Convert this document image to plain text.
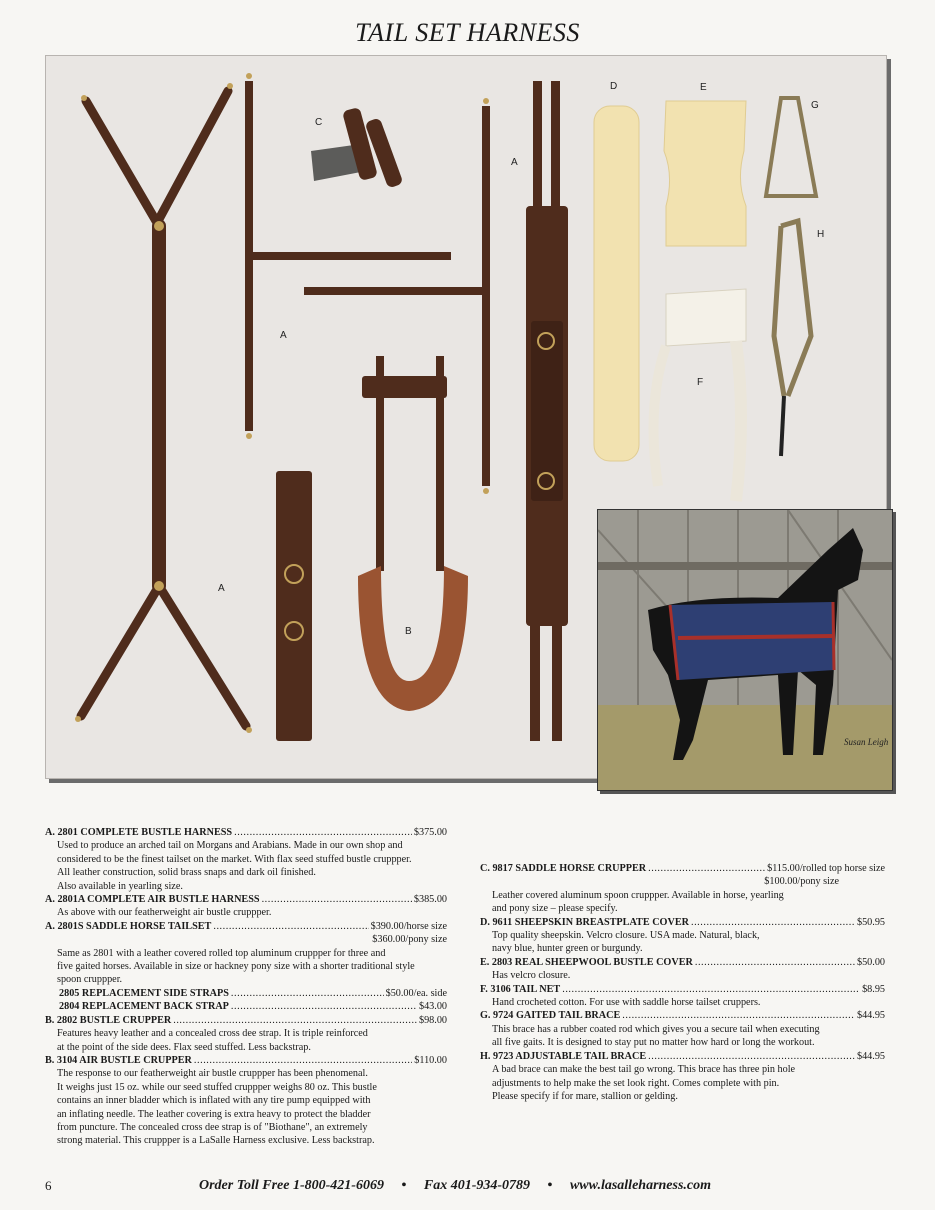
TAIL SET HARNESS
C
A
A
A
B
D	E
G
H
F
Susan Leigh
A. 2801 COMPLETE BUSTLE HARNESS . . .	$375.00
Used to produce an arched tail on Morgans and Arabians. Made in our own shop and
considered to be the finest tailset on the market. With flax seed stuffed bustle cruppper.
All leather construction, solid brass snaps and dark oil finished.
Also available in yearling size.
A. 2801A COMPLETE AIR BUSTLE HARNESS . . .	$385.00
As above with our featherweight air bustle cruppper.
A. 2801S SADDLE HORSE TAILSET . . .	$390.00/horse size
$360.00/pony size
Same as 2801 with a leather covered rolled top aluminum cruppper for three and
five gaited horses. Available in size or hackney pony size with a shorter traditional style
spoon cruppper.
2805 REPLACEMENT SIDE STRAPS . . .	$50.00/ea. side
2804 REPLACEMENT BACK STRAP . . .	$43.00
B. 2802 BUSTLE CRUPPER . . .	$98.00
Features heavy leather and a concealed cross dee strap. It is triple reinforced
at the point of the side dees. Flax seed stuffed. Less backstrap.
B. 3104 AIR BUSTLE CRUPPER . . .	$110.00
The response to our featherweight air bustle cruppper has been phenomenal.
It weighs just 15 oz. while our seed stuffed cruppper weighs 80 oz. This bustle
contains an inner bladder which is inflated with any tire pump equipped with
an inflating needle. The leather covering is extra heavy to protect the bladder
from puncture. The concealed cross dee strap is of "Biothane", an extremely
strong material. This cruppper is a LaSalle Harness exclusive. Less backstrap.
C. 9817 SADDLE HORSE CRUPPER . . .	$115.00/rolled top horse size
$100.00/pony size
Leather covered aluminum spoon cruppper. Available in horse, yearling
and pony size – please specify.
D. 9611 SHEEPSKIN BREASTPLATE COVER . . .	$50.95
Top quality sheepskin. Velcro closure. USA made. Natural, black,
navy blue, hunter green or burgundy.
E. 2803 REAL SHEEPWOOL BUSTLE COVER . . .	$50.00
Has velcro closure.
F. 3106 TAIL NET . . .	$8.95
Hand crocheted cotton. For use with saddle horse tailset cruppers.
G. 9724 GAITED TAIL BRACE . . .	$44.95
This brace has a rubber coated rod which gives you a secure tail when executing
all five gaits. It is designed to stay put no matter how hard or long the workout.
H. 9723 ADJUSTABLE TAIL BRACE . . .	$44.95
A bad brace can make the best tail go wrong. This brace has three pin hole
adjustments to help make the set look right. Comes complete with pin.
Please specify if for mare, stallion or gelding.
6	Order Toll Free 1-800-421-6069 • Fax 401-934-0789 • www.lasalleharness.com
